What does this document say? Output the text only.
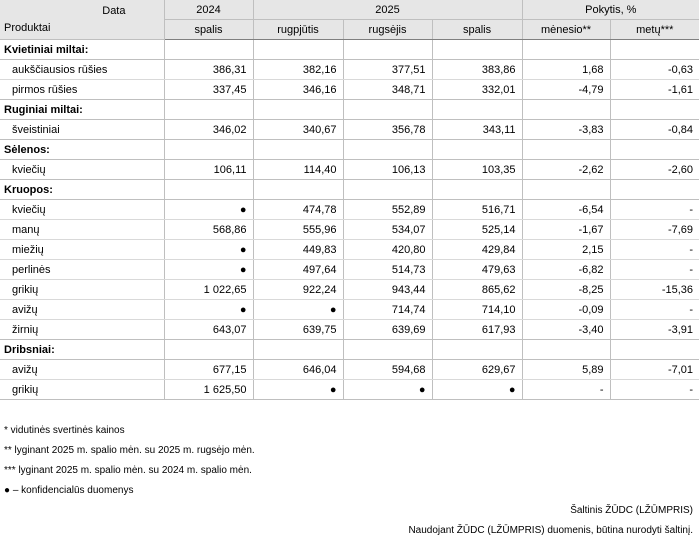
Data
Produktai	2024	2025			Pokytis, %	
	spalis	rugpjūtis	rugsėjis	spalis	mėnesio**	metų***
Kvietiniai miltai:						
aukščiausios rūšies	386,31	382,16	377,51	383,86	1,68	-0,63
pirmos rūšies	337,45	346,16	348,71	332,01	-4,79	-1,61
Ruginiai miltai:						
šveistiniai	346,02	340,67	356,78	343,11	-3,83	-0,84
Sėlenos:						
kviečių	106,11	114,40	106,13	103,35	-2,62	-2,60
Kruopos:						
kviečių	●	474,78	552,89	516,71	-6,54	-
manų	568,86	555,96	534,07	525,14	-1,67	-7,69
miežių	●	449,83	420,80	429,84	2,15	-
perlinės	●	497,64	514,73	479,63	-6,82	-
grikių	1 022,65	922,24	943,44	865,62	-8,25	-15,36
avižų	●	●	714,74	714,10	-0,09	-
žirnių	643,07	639,75	639,69	617,93	-3,40	-3,91
Dribsniai:						
avižų	677,15	646,04	594,68	629,67	5,89	-7,01
grikių	1 625,50	●	●	●	-	-
* vidutinės svertinės kainos
** lyginant 2025 m. spalio mėn. su 2025 m. rugsėjo mėn.
*** lyginant 2025 m. spalio mėn. su 2024 m. spalio mėn.
● – konfidencialūs duomenys
Šaltinis ŽŪDC (LŽŪMPRIS)
Naudojant ŽŪDC (LŽŪMPRIS) duomenis, būtina nurodyti šaltinį.
